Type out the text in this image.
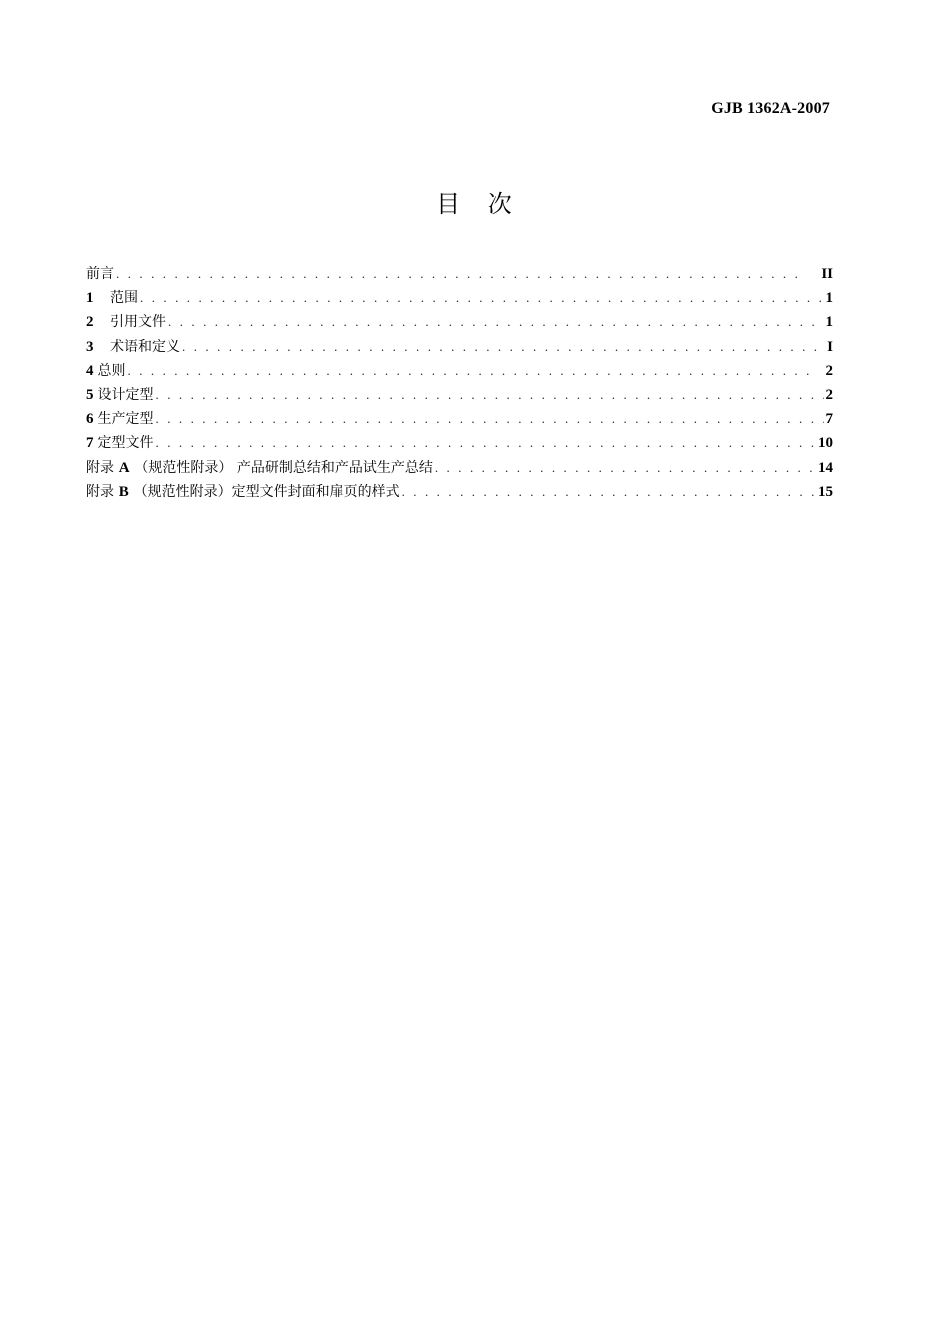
GJB 1362A-2007
目 次
前言 . . .	II
1 范围 . . .	1
2 引用文件 . . .	1
3 术语和定义 . . .	I
4 总则 . . .	2
5 设计定型 . . .	2
6 生产定型 . . .	7
7 定型文件 . . .	10
附录 A （规范性附录） 产品研制总结和产品试生产总结 . . .	14
附录 B （规范性附录）定型文件封面和扉页的样式 . . .	15
